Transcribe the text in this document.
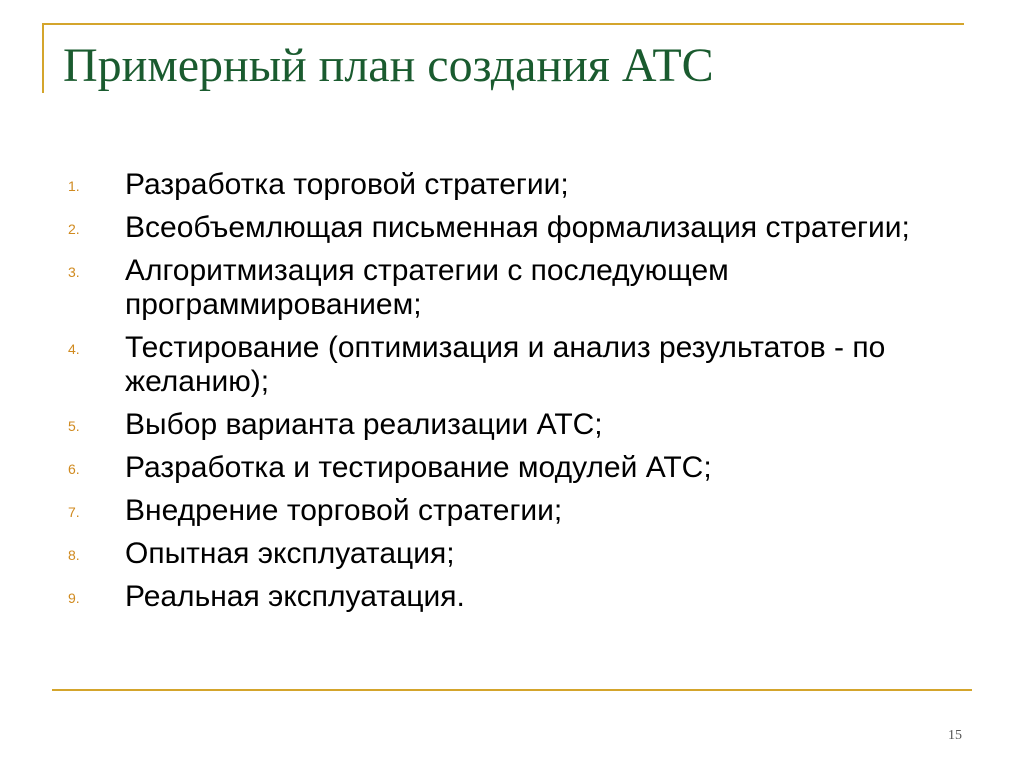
Примерный план создания АТС
1.	Разработка торговой стратегии;
2.	Всеобъемлющая письменная формализация стратегии;
3.	Алгоритмизация стратегии с последующем программированием;
4.	Тестирование (оптимизация и анализ результатов - по желанию);
5.	Выбор варианта реализации АТС;
6.	Разработка и тестирование модулей АТС;
7.	Внедрение торговой стратегии;
8.	Опытная эксплуатация;
9.	Реальная эксплуатация.
15
